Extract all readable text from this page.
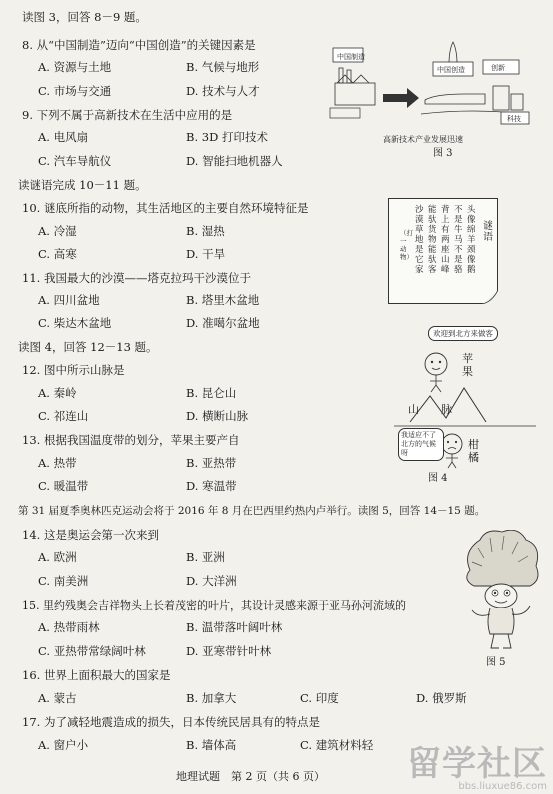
读图 3，回答 8－9 题。
8. 从“中国制造”迈向“中国创造”的关键因素是
A. 资源与土地	B. 气候与地形
C. 市场与交通	D. 技术与人才
9. 下列不属于高新技术在生活中应用的是
A. 电风扇	B. 3D 打印技术
C. 汽车导航仪	D. 智能扫地机器人
中国制造
中国创造	创新
科技
高新技术产业发展迅速
图 3
读谜语完成 10－11 题。
10. 谜底所指的动物，其生活地区的主要自然环境特征是
A. 冷湿	B. 湿热
C. 高寒	D. 干旱
11. 我国最大的沙漠——塔克拉玛干沙漠位于
A. 四川盆地	B. 塔里木盆地
C. 柴达木盆地	D. 准噶尔盆地
谜语
头像绵羊颈像鹅
不是牛马不是骆
背上有两座山峰
能驮货物能驮客
沙漠草地是它家
（打一动物）
读图 4，回答 12－13 题。
12. 图中所示山脉是
A. 秦岭	B. 昆仑山
C. 祁连山	D. 横断山脉
13. 根据我国温度带的划分，苹果主要产自
A. 热带	B. 亚热带
C. 暖温带	D. 寒温带
欢迎到北方来做客
苹果
山　　脉
我适应不了北方的气候呀
柑橘
图 4
第 31 届夏季奥林匹克运动会将于 2016 年 8 月在巴西里约热内卢举行。读图 5，回答 14－15 题。
14. 这是奥运会第一次来到
A. 欧洲	B. 亚洲
C. 南美洲	D. 大洋洲
15. 里约残奥会吉祥物头上长着茂密的叶片，其设计灵感来源于亚马孙河流域的
A. 热带雨林	B. 温带落叶阔叶林
C. 亚热带常绿阔叶林	D. 亚寒带针叶林
图 5
16. 世界上面积最大的国家是
A. 蒙古	B. 加拿大	C. 印度	D. 俄罗斯
17. 为了减轻地震造成的损失，日本传统民居具有的特点是
A. 窗户小	B. 墙体高	C. 建筑材料轻
地理试题　第 2 页（共 6 页） 留学社区
bbs.liuxue86.com
